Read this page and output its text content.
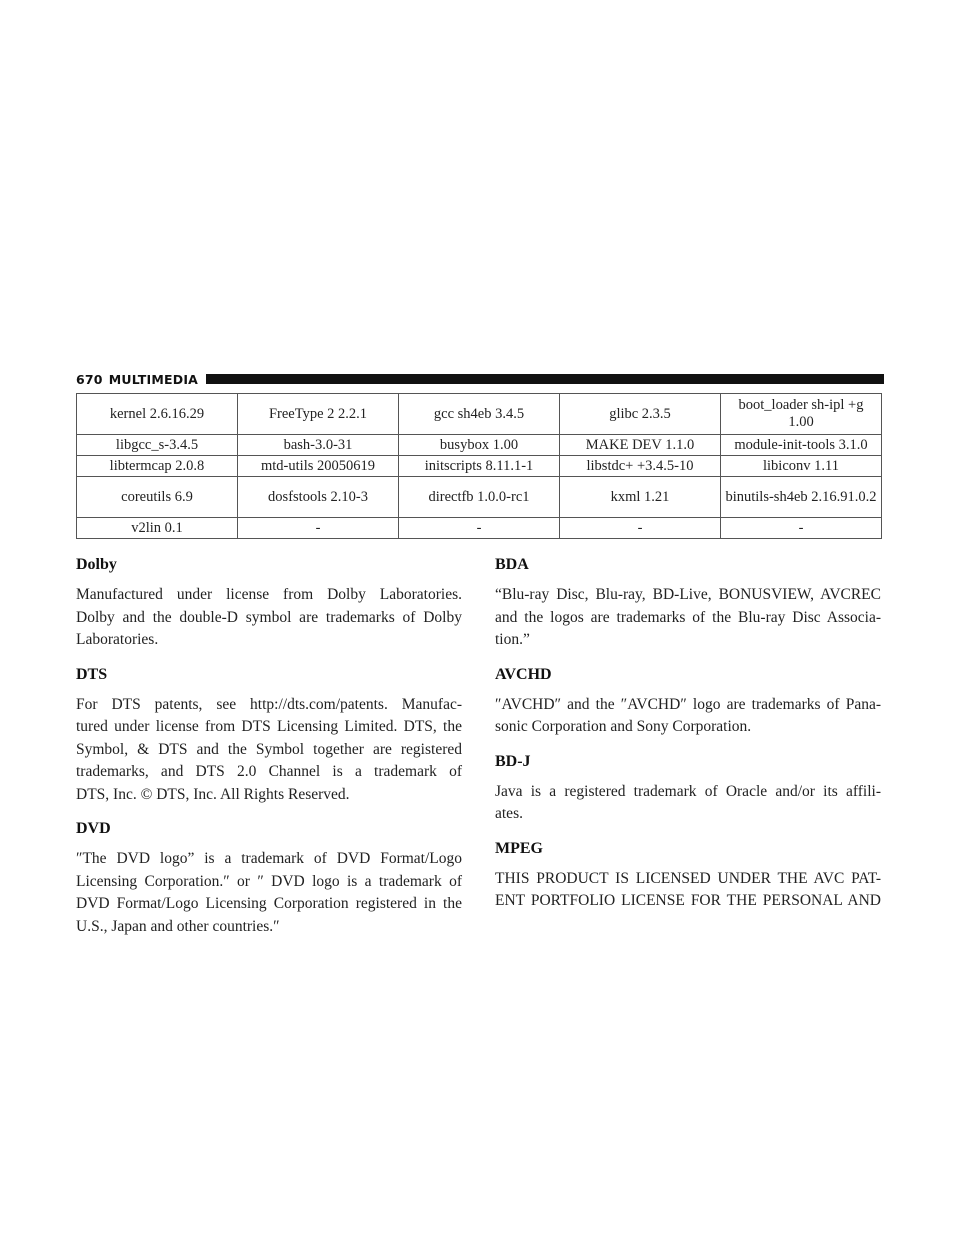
670 MULTIMEDIA
kernel 2.6.16.29	FreeType 2 2.2.1	gcc sh4eb 3.4.5	glibc 2.3.5	boot_loader sh-ipl +g 1.00
libgcc_s-3.4.5	bash-3.0-31	busybox 1.00	MAKE DEV 1.1.0	module-init-tools 3.1.0
libtermcap 2.0.8	mtd-utils 20050619	initscripts 8.11.1-1	libstdc+ +3.4.5-10	libiconv 1.11
coreutils 6.9	dosfstools 2.10-3	directfb 1.0.0-rc1	kxml 1.21	binutils-sh4eb 2.16.91.0.2
v2lin 0.1	-	-	-	-
Dolby

Manufactured under license from Dolby Laboratories.
Dolby and the double-D symbol are trademarks of Dolby
Laboratories.

DTS

For DTS patents, see http://dts.com/patents. Manufac-
tured under license from DTS Licensing Limited. DTS, the
Symbol, & DTS and the Symbol together are registered
trademarks, and DTS 2.0 Channel is a trademark of
DTS, Inc. © DTS, Inc. All Rights Reserved.

DVD

″The DVD logo” is a trademark of DVD Format/Logo
Licensing Corporation.″ or ″ DVD logo is a trademark of
DVD Format/Logo Licensing Corporation registered in the
U.S., Japan and other countries.″

BDA

“Blu-ray Disc, Blu-ray, BD-Live, BONUSVIEW, AVCREC
and the logos are trademarks of the Blu-ray Disc Associa-
tion.”

AVCHD

″AVCHD″ and the ″AVCHD″ logo are trademarks of Pana-
sonic Corporation and Sony Corporation.

BD-J

Java is a registered trademark of Oracle and/or its affili-
ates.

MPEG

THIS PRODUCT IS LICENSED UNDER THE AVC PAT-
ENT PORTFOLIO LICENSE FOR THE PERSONAL AND
